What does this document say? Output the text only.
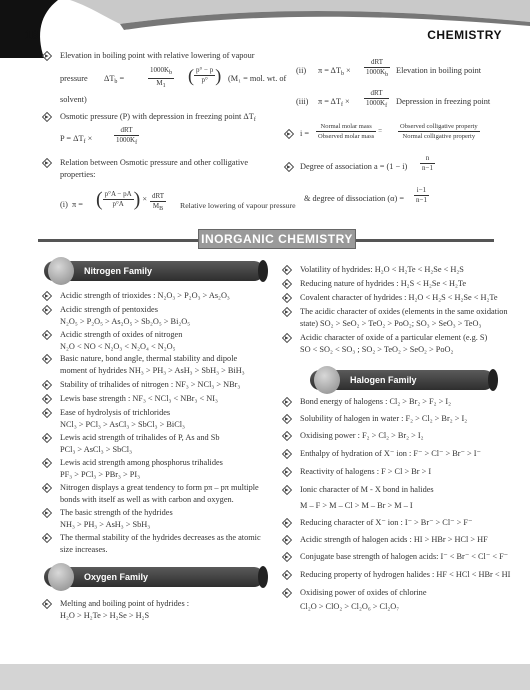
18	CHEMISTRY
Elevation in boiling point with relative lowering of vapour
pressure $\Delta T_b$ =	$\frac{1000Kb}{M1}$ ( $\frac{p^\circ - p}{p^\circ}$ ) (M₁ = mol. wt. of
solvent)
Osmotic pressure (P) with depression in freezing point $\Delta T_f$
$P = \Delta T_f$ ×	$\frac{\text{dRT}}{1000Kf}$
Relation between Osmotic pressure and other colligative
properties:
(i) π = ( $\frac{p^\circ A - pA}{p^\circ A}$ ) × $\frac{\text{dRT}}{MB}$ Relative lowering of vapour pressure
(ii) $\pi = \Delta T_b \times \frac{\text{dRT}}{1000Kb}$ Elevation in boiling point
(iii) $\pi = \Delta T_f \times \frac{\text{dRT}}{1000Kf}$ Depression in freezing point
$i = \frac{\text{Normal molar mass}}{\text{Observed molar mass}} = \frac{\text{Observed colligative property}}{\text{Normal colligative property}}$
Degree of association $a = (1 - i) \frac{n}{n-1}$
& degree of dissociation $(\alpha) = \frac{i-1}{n-1}$
INORGANIC CHEMISTRY
Nitrogen Family
Acidic strength of trioxides : N₂O₃ > P₂O₃ > As₂O₃
Acidic strength of pentoxides
N₂O₅ > P₂O₅ > As₂O₅ > Sb₂O₅ > Bi₂O₅
Acidic strength of oxides of nitrogen
N₂O < NO < N₂O₃ < N₂O₄ < N₂O₅
Basic nature, bond angle, thermal stability and dipole
moment of hydrides NH₃ > PH₃ > AsH₃ > SbH₃ > BiH₃
Stability of trihalides of nitrogen : NF₃ > NCl₃ > NBr₃
Lewis base strength : NF₃ < NCl₃ < NBr₃ < NI₃
Ease of hydrolysis of trichlorides
NCl₃ > PCl₃ > AsCl₃ > SbCl₃ > BiCl₃
Lewis acid strength of trihalides of P, As and Sb
PCl₃ > AsCl₃ > SbCl₃
Lewis acid strength among phosphorus trihalides
PF₃ > PCl₃ > PBr₃ > PI₃
Nitrogen displays a great tendency to form pπ – pπ multiple
bonds with itself as well as with carbon and oxygen.
The basic strength of the hydrides
NH₃ > PH₃ > AsH₃ > SbH₃
The thermal stability of the hydrides decreases as the atomic
size increases.
Oxygen Family
Melting and boiling point of hydrides :
H₂O > H₂Te > H₂Se > H₂S
Volatility of hydrides: H₂O < H₂Te < H₂Se < H₂S
Reducing nature of hydrides : H₂S < H₂Se < H₂Te
Covalent character of hydrides : H₂O < H₂S < H₂Se < H₂Te
The acidic character of oxides (elements in the same oxidation
state) SO₂ > SeO₂ > TeO₂ > PoO₂; SO₃ > SeO₃ > TeO₃
Acidic character of oxide of a particular element (e.g. S)
SO < SO₂ < SO₃ ; SO₂ > TeO₂ > SeO₂ > PoO₂
Halogen Family
Bond energy of halogens : Cl₂ > Br₂ > F₂ > I₂
Solubility of halogen in water : F₂ > Cl₂ > Br₂ > I₂
Oxidising power : F₂ > Cl₂ > Br₂ > I₂
Enthalpy of hydration of X⁻ ion : F⁻ > Cl⁻ > Br⁻ > I⁻
Reactivity of halogens : F > Cl > Br > I
Ionic character of M - X bond in halides
M – F > M – Cl > M – Br > M – I
Reducing character of X⁻ ion : I⁻ > Br⁻ > Cl⁻ > F⁻
Acidic strength of halogen acids : HI > HBr > HCl > HF
Conjugate base strength of halogen acids: I⁻ < Br⁻ < Cl⁻ < F⁻
Reducing property of hydrogen halides : HF < HCl < HBr < HI
Oxidising power of oxides of chlorine
Cl₂O > ClO₂ > Cl₂O₆ > Cl₂O₇
